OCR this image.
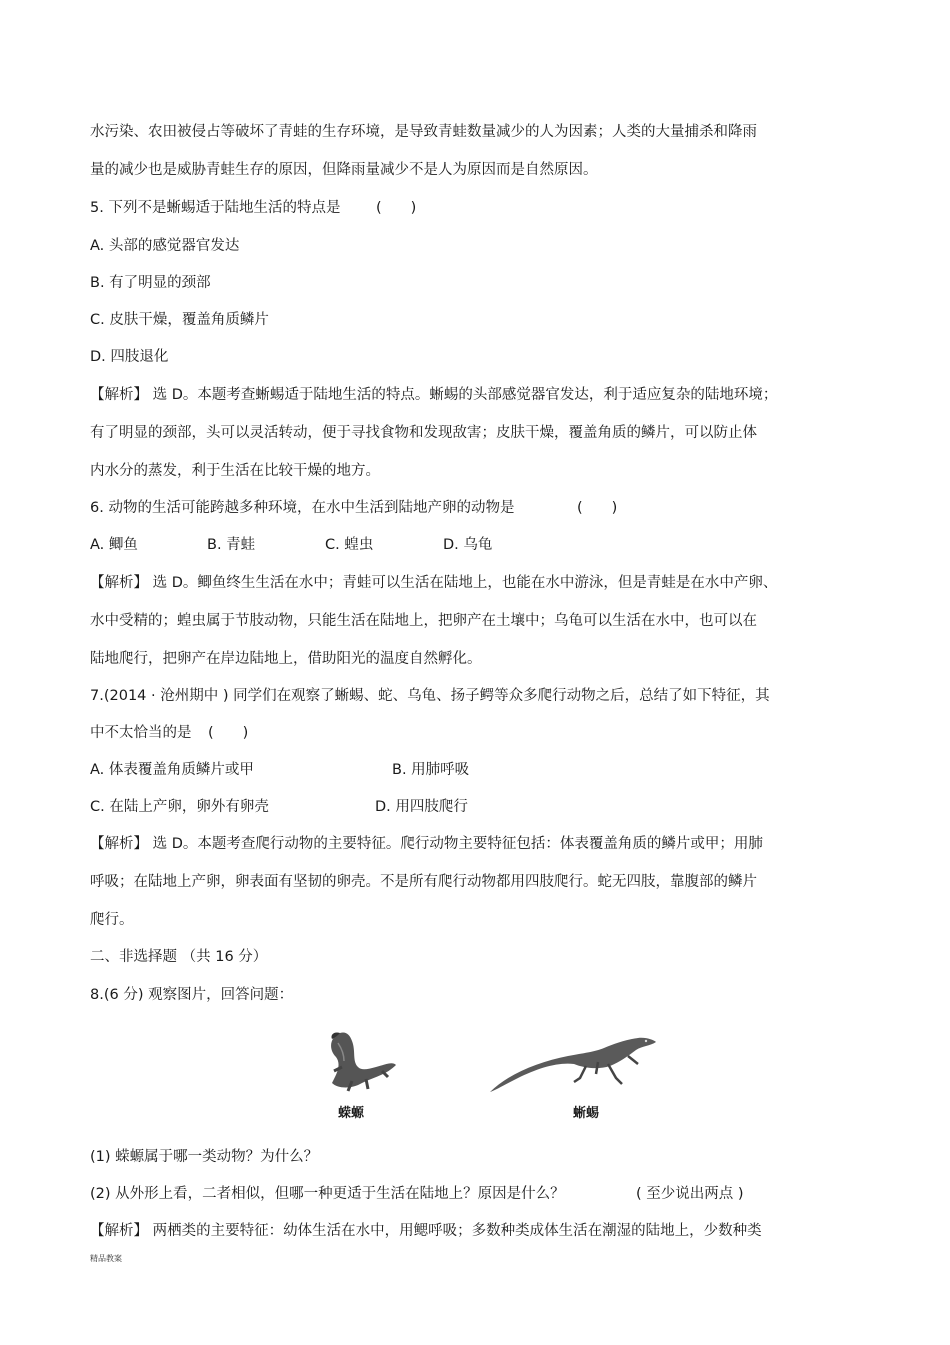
水污染、农田被侵占等破坏了青蛙的生存环境，是导致青蛙数量减少的人为因素；人类的大量捕杀和降雨
量的减少也是威胁青蛙生存的原因，但降雨量减少不是人为原因而是自然原因。
5. 下列不是蜥蜴适于陆地生活的特点是 (　　)
A. 头部的感觉器官发达
B. 有了明显的颈部
C. 皮肤干燥，覆盖角质鳞片
D. 四肢退化
【解析】 选 D。本题考查蜥蜴适于陆地生活的特点。蜥蜴的头部感觉器官发达，利于适应复杂的陆地环境；
有了明显的颈部，头可以灵活转动，便于寻找食物和发现敌害；皮肤干燥，覆盖角质的鳞片，可以防止体
内水分的蒸发，利于生活在比较干燥的地方。
6. 动物的生活可能跨越多种环境，在水中生活到陆地产卵的动物是	(　　)
A. 鲫鱼	B. 青蛙	C. 蝗虫	D. 乌龟
【解析】 选 D。鲫鱼终生生活在水中；青蛙可以生活在陆地上，也能在水中游泳，但是青蛙是在水中产卵、
水中受精的；蝗虫属于节肢动物，只能生活在陆地上，把卵产在土壤中；乌龟可以生活在水中，也可以在
陆地爬行，把卵产在岸边陆地上，借助阳光的温度自然孵化。
7.(2014 · 沧州期中 ) 同学们在观察了蜥蜴、蛇、乌龟、扬子鳄等众多爬行动物之后，总结了如下特征，其
中不太恰当的是 (　　)
A. 体表覆盖角质鳞片或甲	B. 用肺呼吸
C. 在陆上产卵，卵外有卵壳	D. 用四肢爬行
【解析】 选 D。本题考查爬行动物的主要特征。爬行动物主要特征包括：体表覆盖角质的鳞片或甲；用肺
呼吸；在陆地上产卵，卵表面有坚韧的卵壳。不是所有爬行动物都用四肢爬行。蛇无四肢，靠腹部的鳞片
爬行。
二、非选择题 （共 16 分）
8.(6 分) 观察图片，回答问题：
蝾螈	蜥蜴
(1) 蝾螈属于哪一类动物？为什么？
(2) 从外形上看，二者相似，但哪一种更适于生活在陆地上？原因是什么？	( 至少说出两点 )
【解析】 两栖类的主要特征：幼体生活在水中，用鳃呼吸；多数种类成体生活在潮湿的陆地上，少数种类
精品教案
